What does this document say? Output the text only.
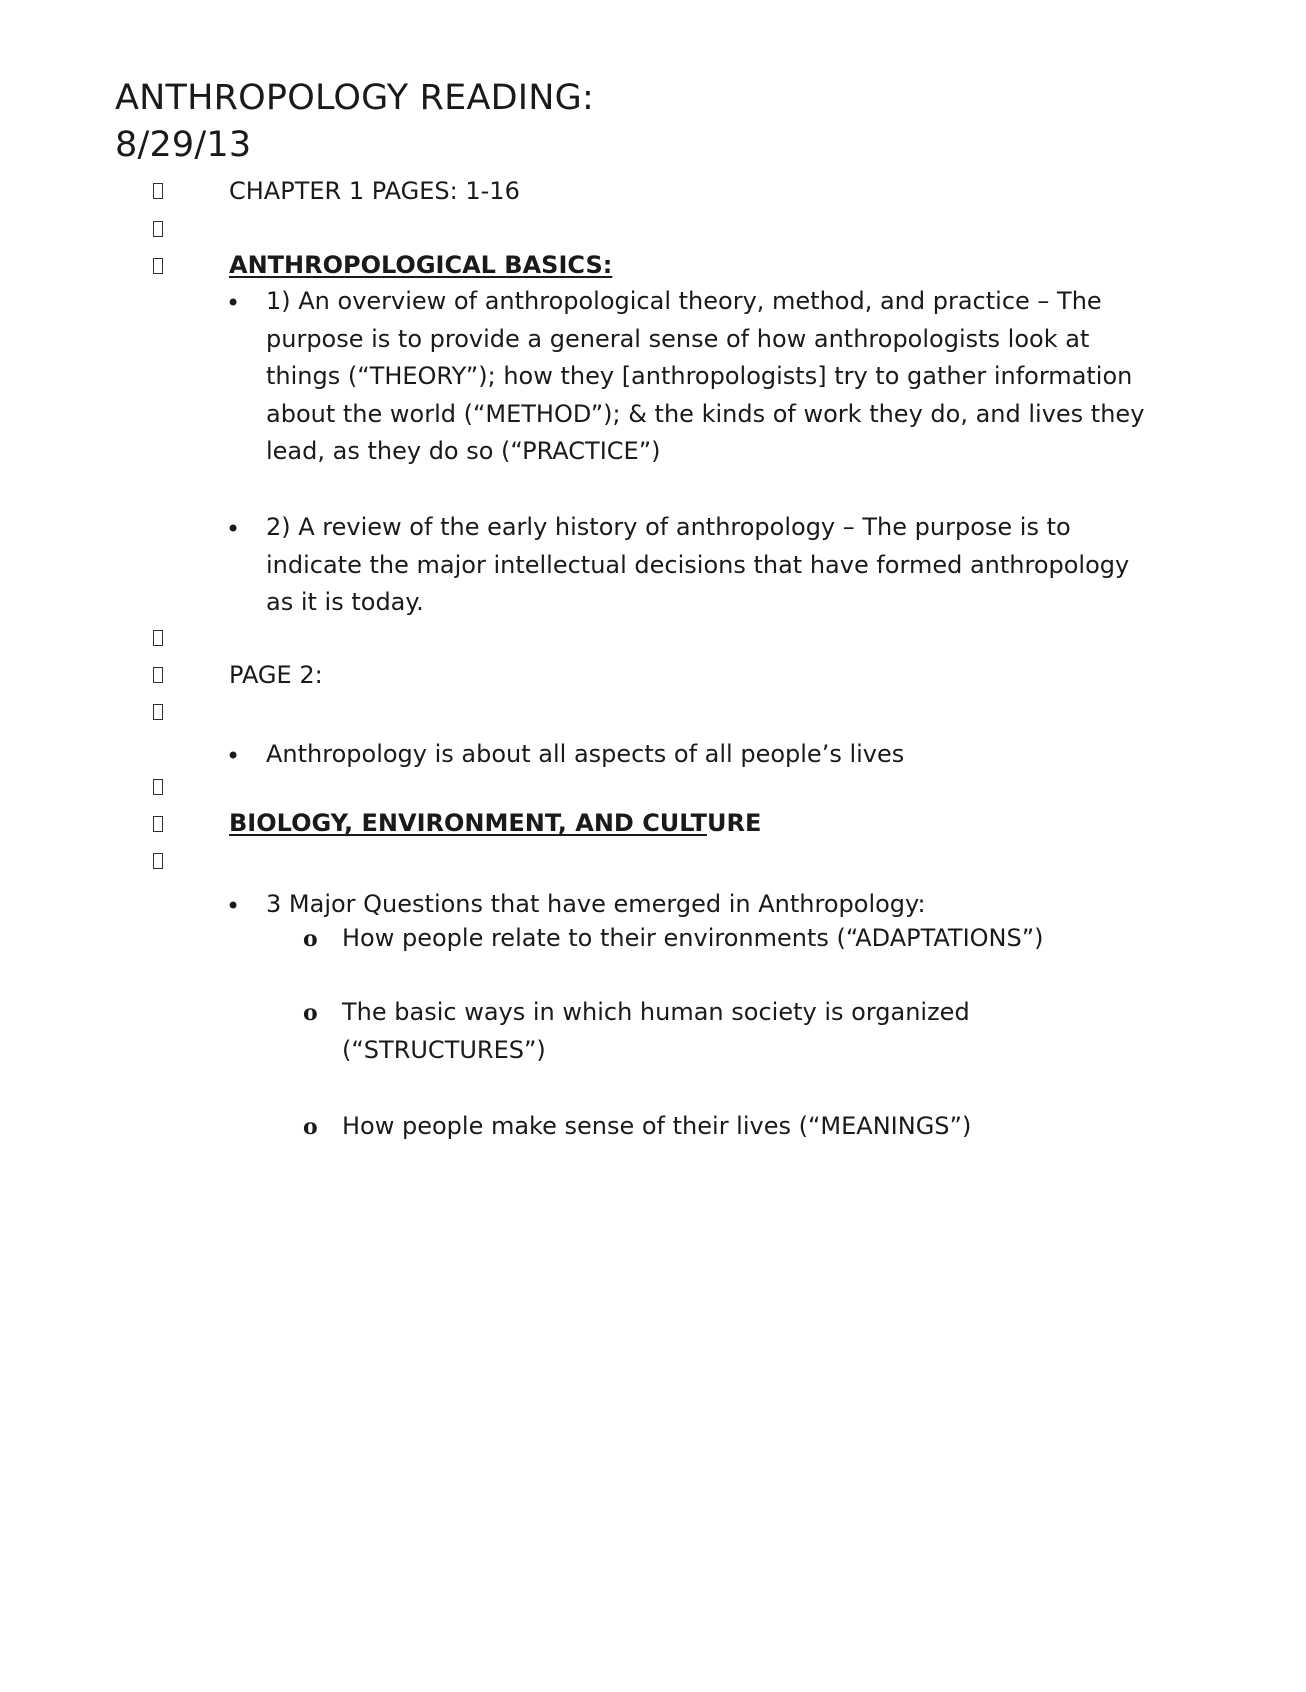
ANTHROPOLOGY READING:
8/29/13
CHAPTER 1 PAGES: 1-16
ANTHROPOLOGICAL BASICS:
• 1) An overview of anthropological theory, method, and practice – The purpose is to provide a general sense of how anthropologists look at things (“THEORY”); how they [anthropologists] try to gather information about the world (“METHOD”); & the kinds of work they do, and lives they lead, as they do so (“PRACTICE”)
• 2) A review of the early history of anthropology – The purpose is to indicate the major intellectual decisions that have formed anthropology as it is today.
PAGE 2:
• Anthropology is about all aspects of all people’s lives
BIOLOGY, ENVIRONMENT, AND CULTURE
• 3 Major Questions that have emerged in Anthropology:
o How people relate to their environments (“ADAPTATIONS”)
o The basic ways in which human society is organized (“STRUCTURES”)
o How people make sense of their lives (“MEANINGS”)
